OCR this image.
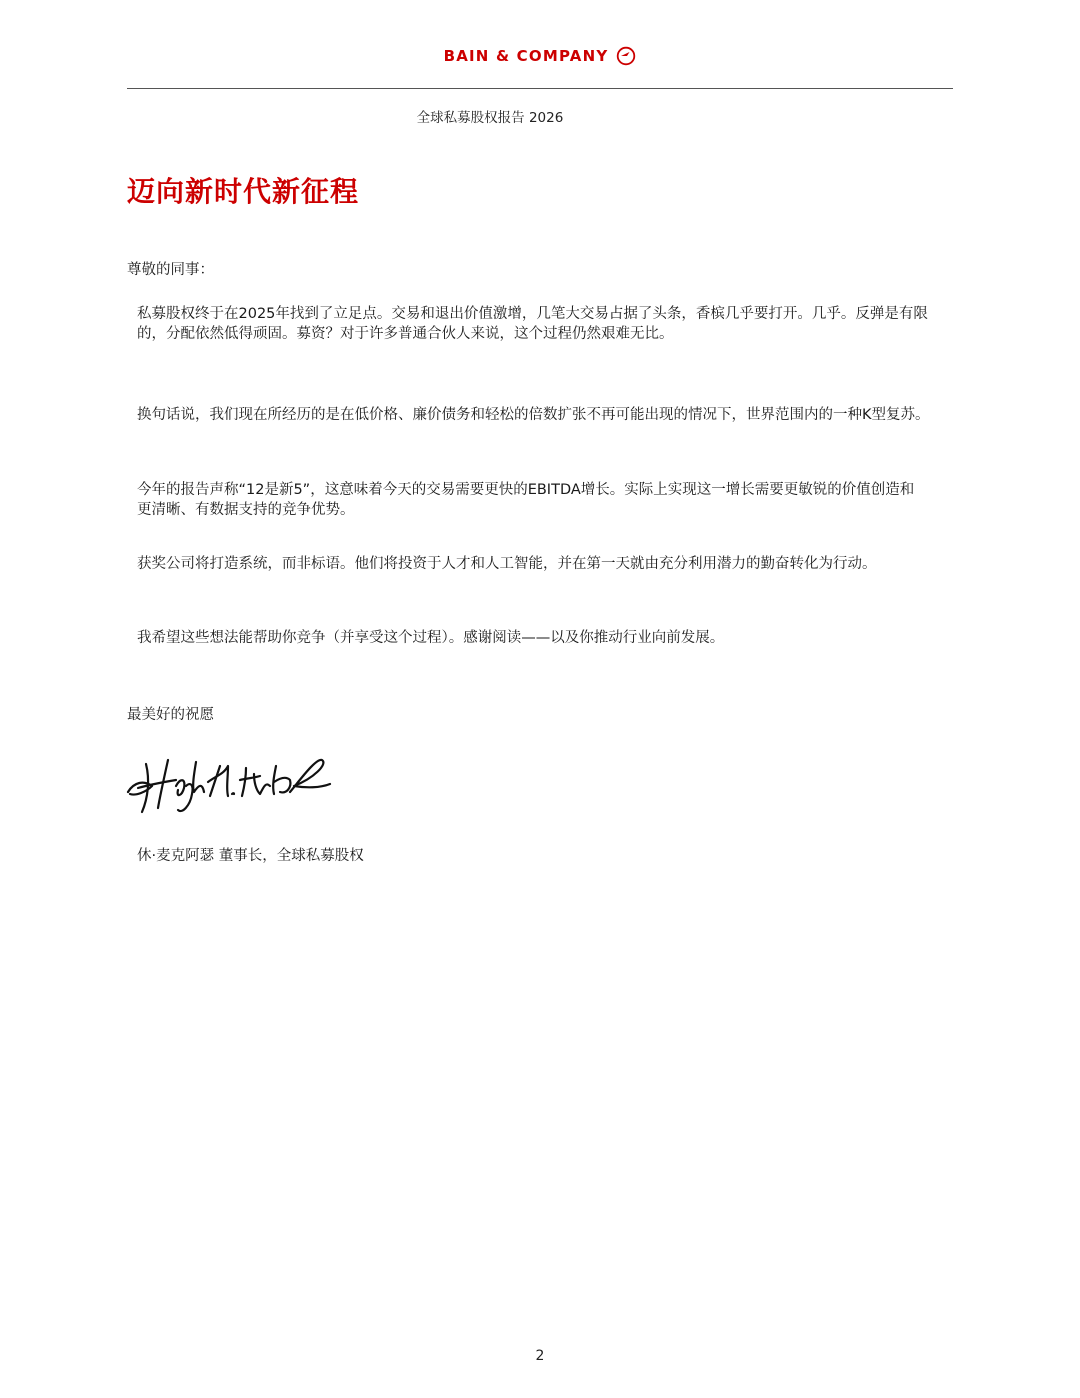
BAIN & COMPANY
全球私募股权报告 2026
迈向新时代新征程
尊敬的同事：
私募股权终于在2025年找到了立足点。交易和退出价值激增，几笔大交易占据了头条，香槟几乎要打开。几乎。反弹是有限的，分配依然低得顽固。募资？对于许多普通合伙人来说，这个过程仍然艰难无比。
换句话说，我们现在所经历的是在低价格、廉价债务和轻松的倍数扩张不再可能出现的情况下，世界范围内的一种K型复苏。
今年的报告声称“12是新5”，这意味着今天的交易需要更快的EBITDA增长。实际上实现这一增长需要更敏锐的价值创造和更清晰、有数据支持的竞争优势。
获奖公司将打造系统，而非标语。他们将投资于人才和人工智能，并在第一天就由充分利用潜力的勤奋转化为行动。
我希望这些想法能帮助你竞争（并享受这个过程）。感谢阅读——以及你推动行业向前发展。
最美好的祝愿
休·麦克阿瑟 董事长，全球私募股权
2
